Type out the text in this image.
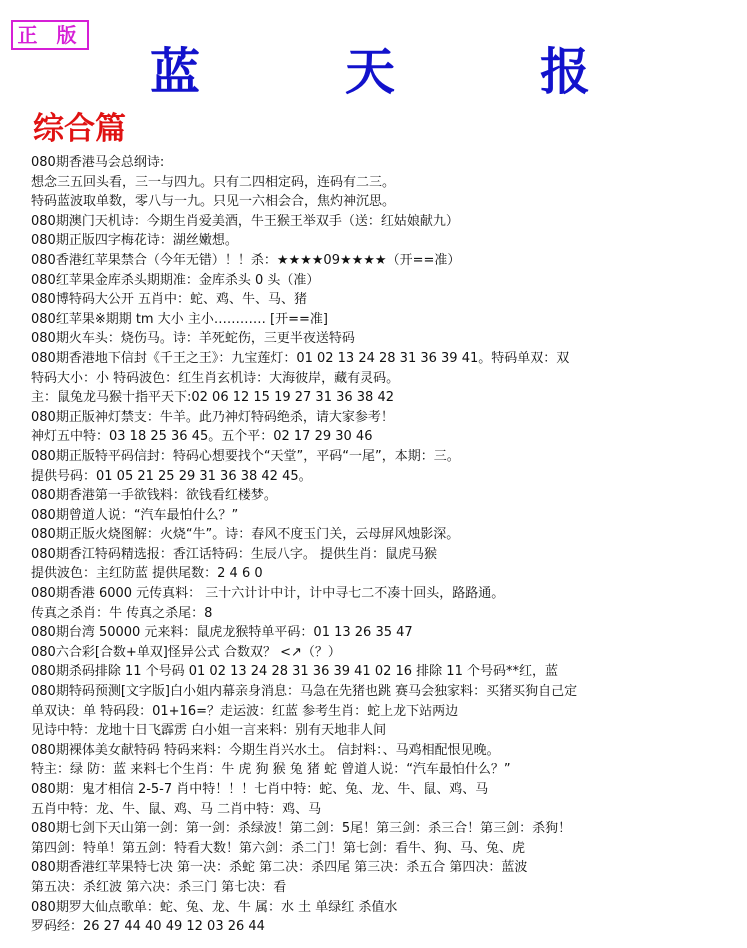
正 版
蓝	天	报
综合篇
080期香港马会总纲诗:
想念三五回头看，三一与四九。只有二四相定码，连码有二三。
特码蓝波取单数，零八与一九。只见一六相会合，焦灼神沉思。
080期澳门天机诗：今期生肖爱美酒，牛王猴王举双手（送：红姑娘献九）
080期正版四字梅花诗：湖丝嫩想。
080香港红苹果禁合（今年无错）！！杀：★★★★09★★★★（开==准）
080红苹果金库杀头期期准：金库杀头 0 头（准）
080博特码大公开 五肖中：蛇、鸡、牛、马、猪
080红苹果※期期 tm 大小 主小………… [开==准]
080期火车头：烧伤马。诗：羊死蛇伤，三更半夜送特码
080期香港地下信封《千王之王》：九宝莲灯：01 02 13 24 28 31 36 39 41。特码单双：双
特码大小：小 特码波色：红生肖玄机诗：大海彼岸，藏有灵码。
主：鼠兔龙马猴十指平天下:02 06 12 15 19 27 31 36 38 42
080期正版神灯禁支：牛羊。此乃神灯特码绝杀，请大家参考！
神灯五中特：03 18 25 36 45。五个平：02 17 29 30 46
080期正版特平码信封：特码心想要找个“天堂”，平码“一尾”，本期：三。
提供号码：01 05 21 25 29 31 36 38 42 45。
080期香港第一手欲钱料：欲钱看红楼梦。
080期曾道人说：“汽车最怕什么？”
080期正版火烧图解：火烧“牛”。诗：春风不度玉门关，云母屏风烛影深。
080期香江特码精选报：香江话特码：生辰八字。 提供生肖：鼠虎马猴
提供波色：主红防蓝 提供尾数：2 4 6 0
080期香港 6000 元传真料： 三十六计计中计，计中寻七二不凑十回头，路路通。
传真之杀肖：牛 传真之杀尾：8
080期台湾 50000 元来料：鼠虎龙猴特单平码：01 13 26 35 47
080六合彩[合数+单双]怪异公式 合数双？ <↗（？）
080期杀码排除 11 个号码 01 02 13 24 28 31 36 39 41 02 16 排除 11 个号码**红，蓝
080期特码预测[文字版]白小姐内幕亲身消息：马急在先猪也跳 赛马会独家料：买猪买狗自己定
单双诀：单 特码段：01+16=？走运波：红蓝 参考生肖：蛇上龙下站两边
见诗中特：龙地十日飞霹雳 白小姐一言来料：别有天地非人间
080期裸体美女献特码 特码来料：今期生肖兴水土。 信封料：、马鸡相配恨见晚。
特主：绿 防：蓝 来料七个生肖：牛 虎 狗 猴 兔 猪 蛇 曾道人说：“汽车最怕什么？”
080期：鬼才相信 2-5-7 肖中特！！！七肖中特：蛇、兔、龙、牛、鼠、鸡、马
五肖中特：龙、牛、鼠、鸡、马 二肖中特：鸡、马
080期七剑下天山第一剑：第一剑：杀绿波！第二剑：5尾！第三剑：杀三合！第三剑：杀狗！
第四剑：特单！第五剑：特看大数！第六剑：杀二门！第七剑：看牛、狗、马、兔、虎
080期香港红苹果特七决 第一决：杀蛇 第二决：杀四尾 第三决：杀五合 第四决：蓝波
第五决：杀红波 第六决：杀三门 第七决：看
080期罗大仙点歌单：蛇、兔、龙、牛 属：水 土 单绿红 杀值水
罗码经：26 27 44 40 49 12 03 26 44
